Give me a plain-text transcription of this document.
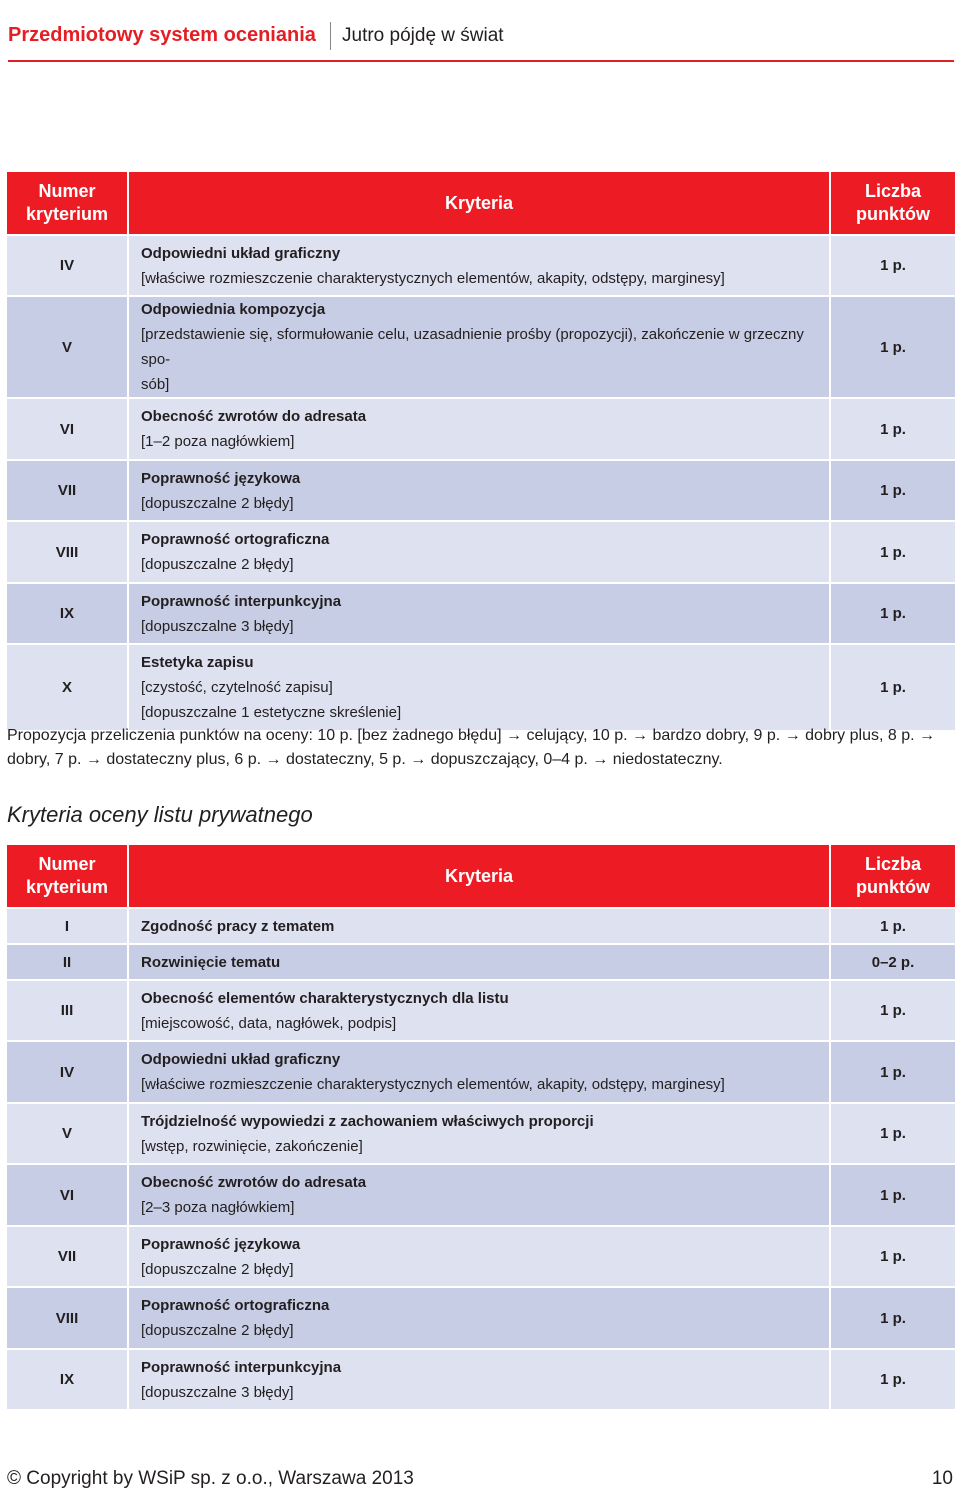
Przedmiotowy system oceniania Jutro pójdę w świat
Numer kryterium	Kryteria	Liczba punktów
IV	Odpowiedni układ graficzny
[właściwe rozmieszczenie charakterystycznych elementów, akapity, odstępy, marginesy]	1 p.
V	Odpowiednia kompozycja
[przedstawienie się, sformułowanie celu, uzasadnienie prośby (propozycji), zakończenie w grzeczny spo-
sób]	1 p.
VI	Obecność zwrotów do adresata
[1–2 poza nagłówkiem]	1 p.
VII	Poprawność językowa
[dopuszczalne 2 błędy]	1 p.
VIII	Poprawność ortograficzna
[dopuszczalne 2 błędy]	1 p.
IX	Poprawność interpunkcyjna
[dopuszczalne 3 błędy]	1 p.
X	Estetyka zapisu
[czystość, czytelność zapisu]
[dopuszczalne 1 estetyczne skreślenie]	1 p.
Propozycja przeliczenia punktów na oceny: 10 p. [bez żadnego błędu] → celujący, 10 p. → bardzo dobry, 9 p. → dobry plus, 8 p. → dobry, 7 p. → dostateczny plus, 6 p. → dostateczny, 5 p. → dopuszczający, 0–4 p. → niedostateczny.
Kryteria oceny listu prywatnego
Numer kryterium	Kryteria	Liczba punktów
I	Zgodność pracy z tematem	1 p.
II	Rozwinięcie tematu	0–2 p.
III	Obecność elementów charakterystycznych dla listu
[miejscowość, data, nagłówek, podpis]	1 p.
IV	Odpowiedni układ graficzny
[właściwe rozmieszczenie charakterystycznych elementów, akapity, odstępy, marginesy]	1 p.
V	Trójdzielność wypowiedzi z zachowaniem właściwych proporcji
[wstęp, rozwinięcie, zakończenie]	1 p.
VI	Obecność zwrotów do adresata
[2–3 poza nagłówkiem]	1 p.
VII	Poprawność językowa
[dopuszczalne 2 błędy]	1 p.
VIII	Poprawność ortograficzna
[dopuszczalne 2 błędy]	1 p.
IX	Poprawność interpunkcyjna
[dopuszczalne 3 błędy]	1 p.
© Copyright by WSiP sp. z o.o., Warszawa 2013	10
